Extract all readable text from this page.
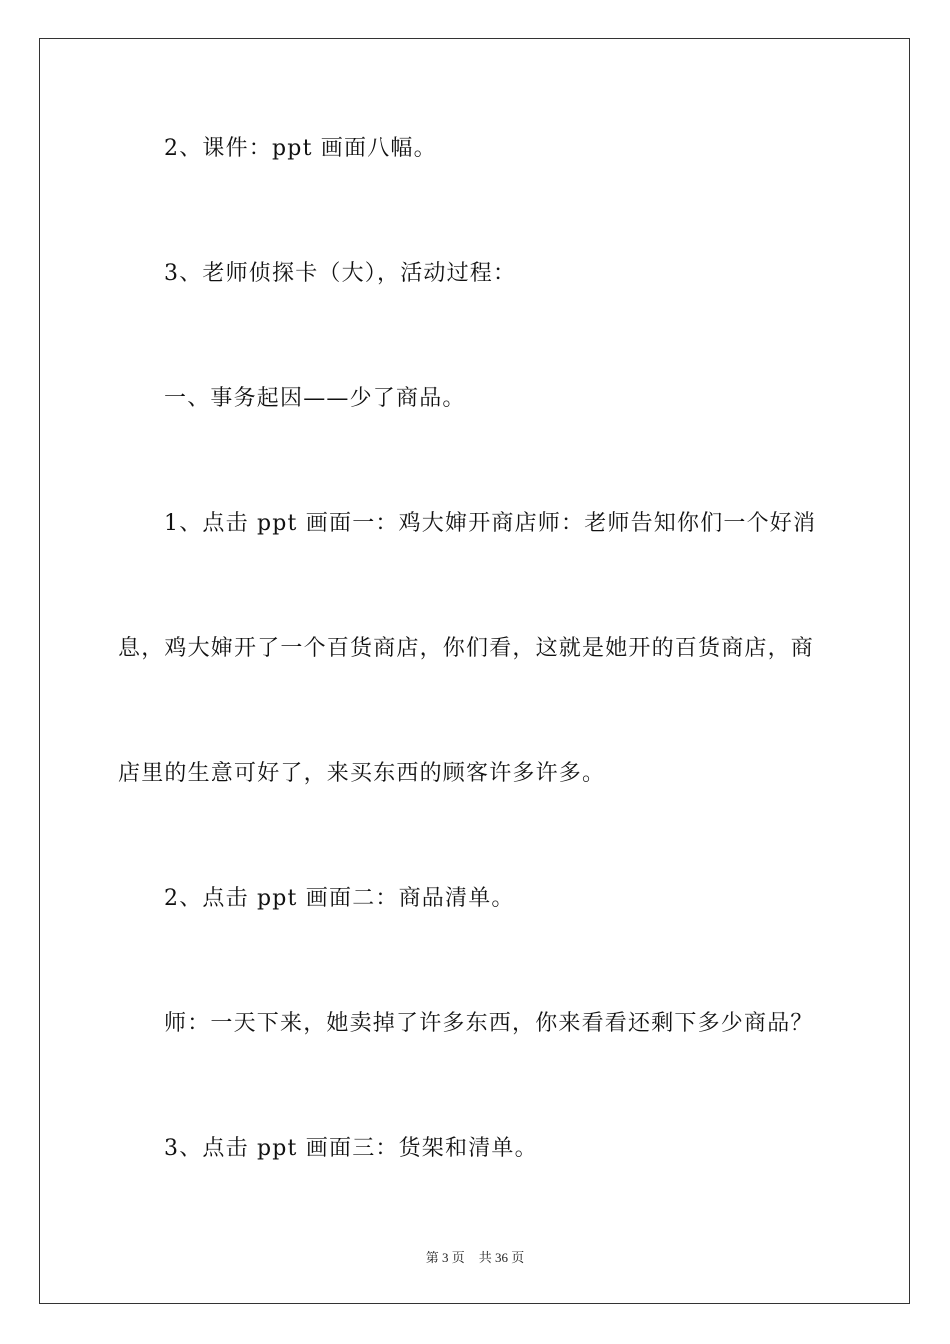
2、课件：ppt 画面八幅。

3、老师侦探卡（大），活动过程：

一、事务起因——少了商品。

1、点击 ppt 画面一：鸡大婶开商店师：老师告知你们一个好消

息，鸡大婶开了一个百货商店，你们看，这就是她开的百货商店，商

店里的生意可好了，来买东西的顾客许多许多。

2、点击 ppt 画面二：商品清单。

师：一天下来，她卖掉了许多东西，你来看看还剩下多少商品？

3、点击 ppt 画面三：货架和清单。

第 3 页 共 36 页
